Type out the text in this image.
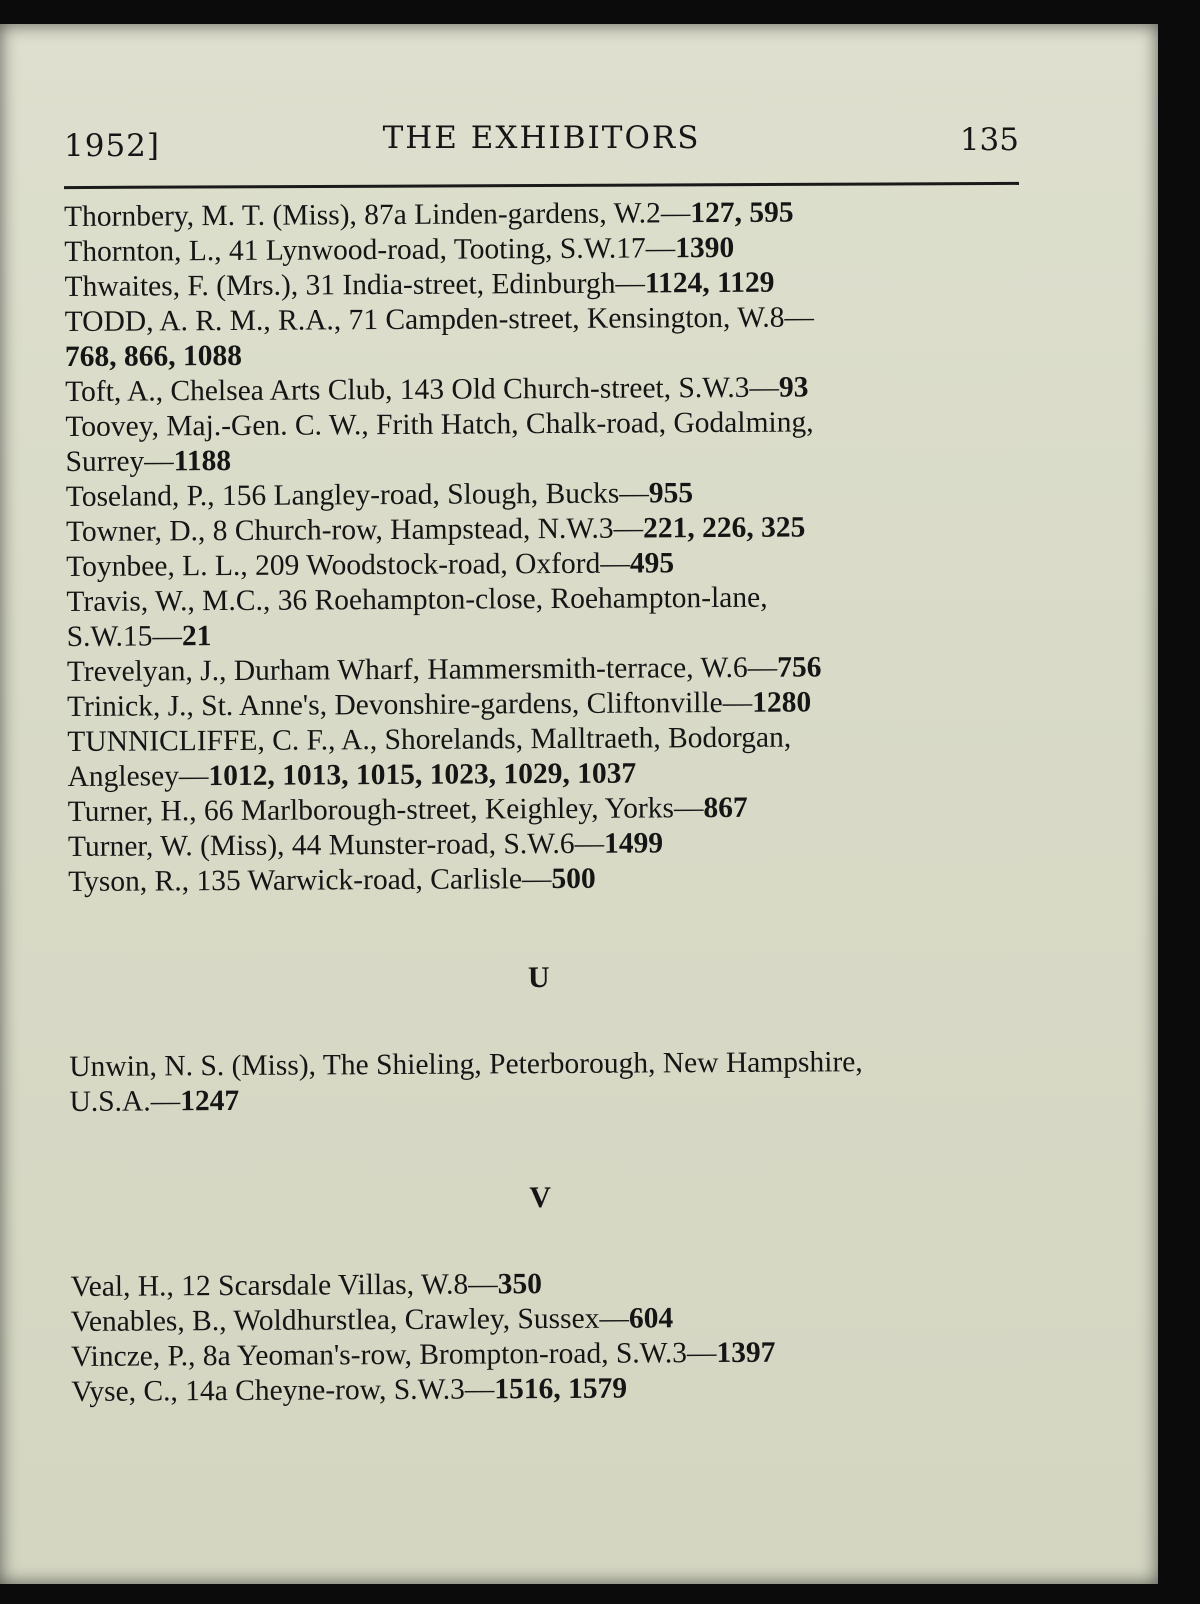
1952]	THE EXHIBITORS	135

Thornbery, M. T. (Miss), 87a Linden-gardens, W.2—127, 595

Thornton, L., 41 Lynwood-road, Tooting, S.W.17—1390

Thwaites, F. (Mrs.), 31 India-street, Edinburgh—1124, 1129

TODD, A. R. M., R.A., 71 Campden-street, Kensington, W.8—
768, 866, 1088

Toft, A., Chelsea Arts Club, 143 Old Church-street, S.W.3—93

Toovey, Maj.-Gen. C. W., Frith Hatch, Chalk-road, Godalming,
Surrey—1188

Toseland, P., 156 Langley-road, Slough, Bucks—955

Towner, D., 8 Church-row, Hampstead, N.W.3—221, 226, 325

Toynbee, L. L., 209 Woodstock-road, Oxford—495

Travis, W., M.C., 36 Roehampton-close, Roehampton-lane,
S.W.15—21

Trevelyan, J., Durham Wharf, Hammersmith-terrace, W.6—756

Trinick, J., St. Anne's, Devonshire-gardens, Cliftonville—1280

TUNNICLIFFE, C. F., A., Shorelands, Malltraeth, Bodorgan,
Anglesey—1012, 1013, 1015, 1023, 1029, 1037

Turner, H., 66 Marlborough-street, Keighley, Yorks—867

Turner, W. (Miss), 44 Munster-road, S.W.6—1499

Tyson, R., 135 Warwick-road, Carlisle—500

U

Unwin, N. S. (Miss), The Shieling, Peterborough, New Hampshire,
U.S.A.—1247

V

Veal, H., 12 Scarsdale Villas, W.8—350

Venables, B., Woldhurstlea, Crawley, Sussex—604

Vincze, P., 8a Yeoman's-row, Brompton-road, S.W.3—1397

Vyse, C., 14a Cheyne-row, S.W.3—1516, 1579
